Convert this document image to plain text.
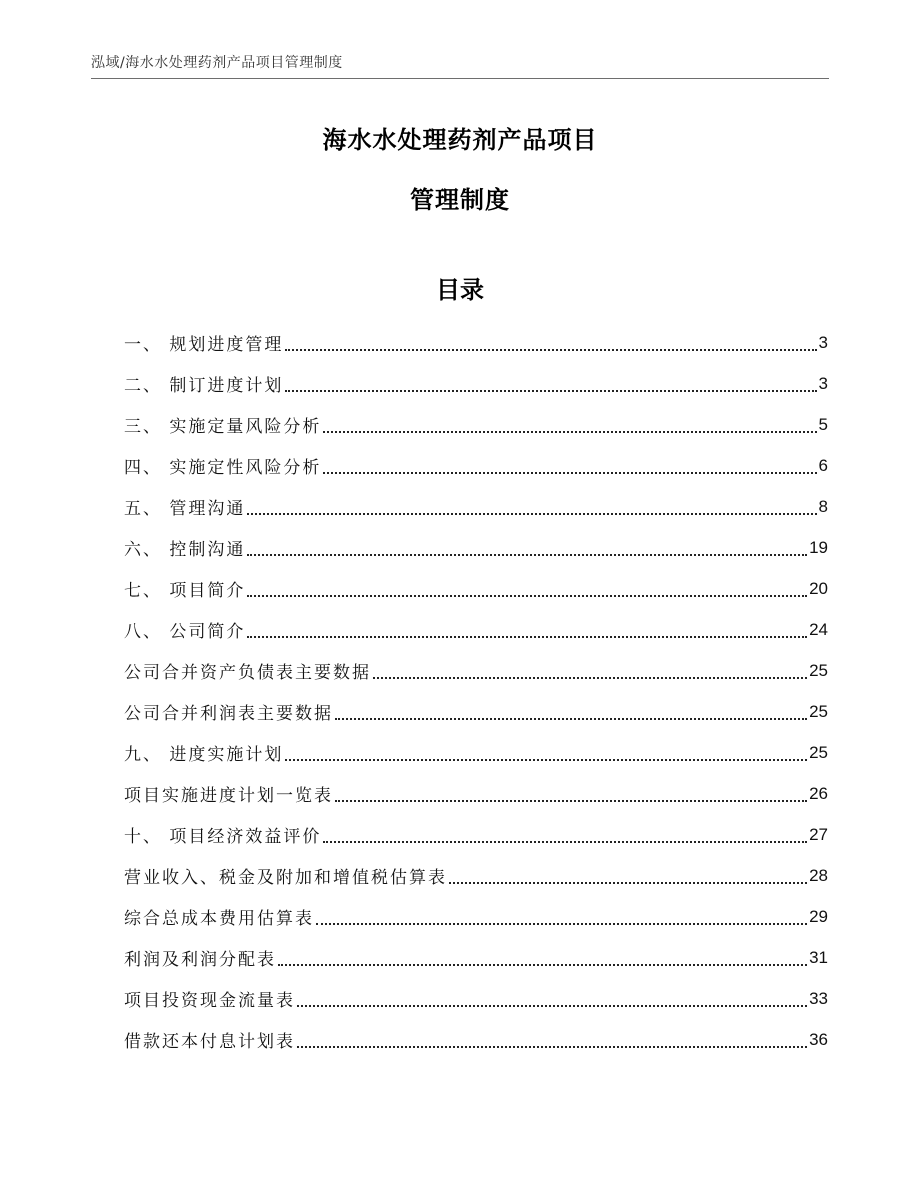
泓域/海水水处理药剂产品项目管理制度
海水水处理药剂产品项目
管理制度
目录
一、 规划进度管理	3
二、 制订进度计划	3
三、 实施定量风险分析	5
四、 实施定性风险分析	6
五、 管理沟通	8
六、 控制沟通	19
七、 项目简介	20
八、 公司简介	24
公司合并资产负债表主要数据	25
公司合并利润表主要数据	25
九、 进度实施计划	25
项目实施进度计划一览表	26
十、 项目经济效益评价	27
营业收入、税金及附加和增值税估算表	28
综合总成本费用估算表	29
利润及利润分配表	31
项目投资现金流量表	33
借款还本付息计划表	36
